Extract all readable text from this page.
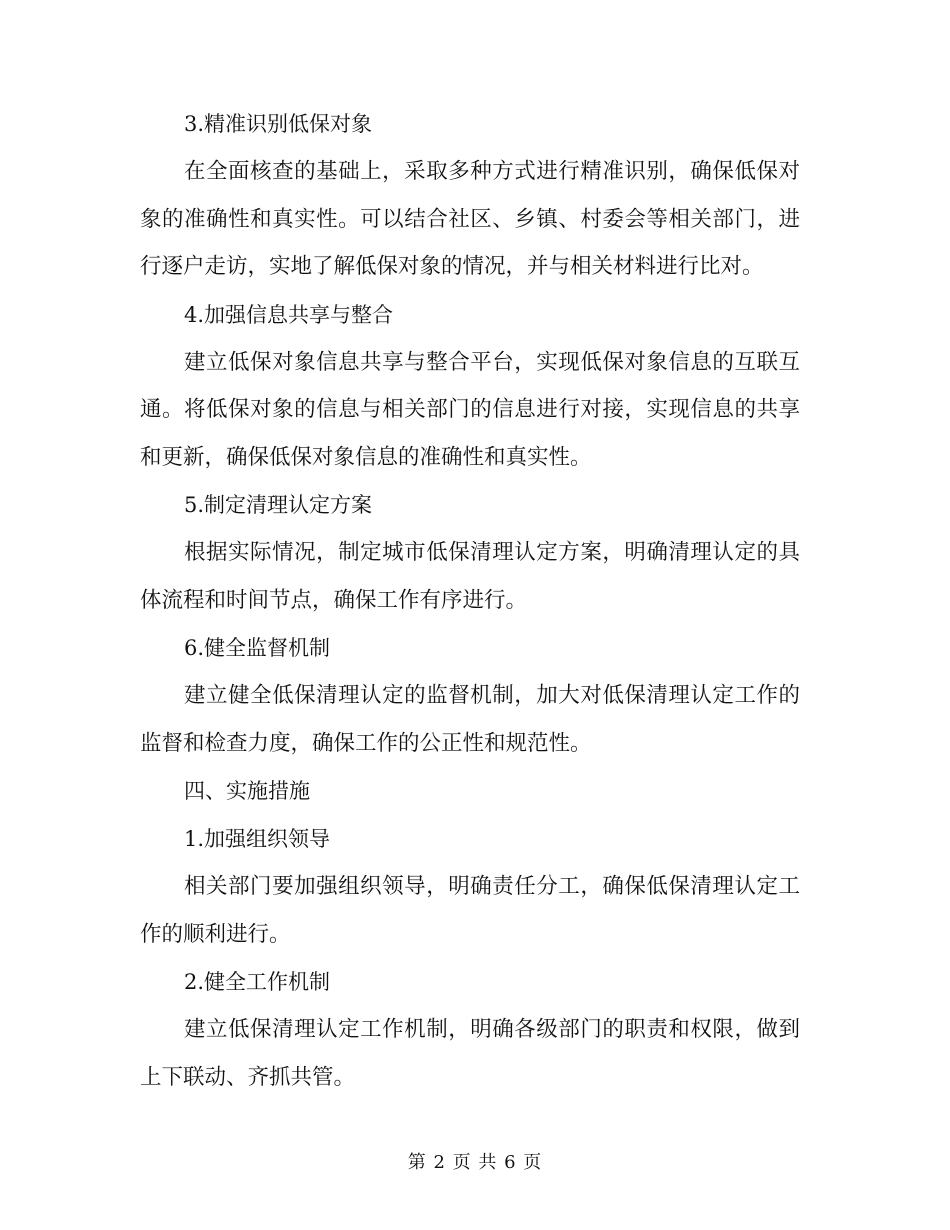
3.精准识别低保对象

在全面核查的基础上，采取多种方式进行精准识别，确保低保对象的准确性和真实性。可以结合社区、乡镇、村委会等相关部门，进行逐户走访，实地了解低保对象的情况，并与相关材料进行比对。

4.加强信息共享与整合

建立低保对象信息共享与整合平台，实现低保对象信息的互联互通。将低保对象的信息与相关部门的信息进行对接，实现信息的共享和更新，确保低保对象信息的准确性和真实性。

5.制定清理认定方案

根据实际情况，制定城市低保清理认定方案，明确清理认定的具体流程和时间节点，确保工作有序进行。

6.健全监督机制

建立健全低保清理认定的监督机制，加大对低保清理认定工作的监督和检查力度，确保工作的公正性和规范性。

四、实施措施

1.加强组织领导

相关部门要加强组织领导，明确责任分工，确保低保清理认定工作的顺利进行。

2.健全工作机制

建立低保清理认定工作机制，明确各级部门的职责和权限，做到上下联动、齐抓共管。

第 2 页 共 6 页
